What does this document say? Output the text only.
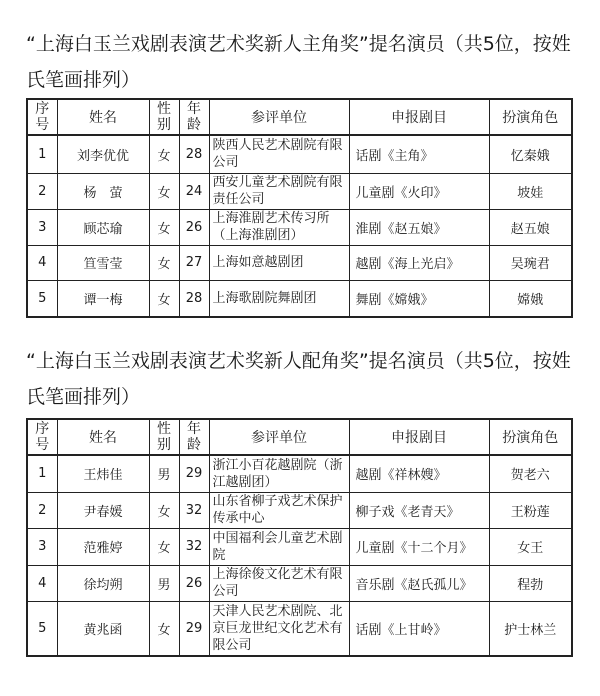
“上海白玉兰戏剧表演艺术奖新人主角奖”提名演员（共5位，按姓氏笔画排列）
序号	姓名	性别	年龄	参评单位	申报剧目	扮演角色
1	刘李优优	女	28	陕西人民艺术剧院有限公司	话剧《主角》	忆秦娥
2	杨　萤	女	24	西安儿童艺术剧院有限责任公司	儿童剧《火印》	坡娃
3	顾芯瑜	女	26	上海淮剧艺术传习所（上海淮剧团）	淮剧《赵五娘》	赵五娘
4	笪雪莹	女	27	上海如意越剧团	越剧《海上光启》	吴琬君
5	谭一梅	女	28	上海歌剧院舞剧团	舞剧《嫦娥》	嫦娥
“上海白玉兰戏剧表演艺术奖新人配角奖”提名演员（共5位，按姓氏笔画排列）
序号	姓名	性别	年龄	参评单位	申报剧目	扮演角色
1	王炜佳	男	29	浙江小百花越剧院（浙江越剧团）	越剧《祥林嫂》	贺老六
2	尹春媛	女	32	山东省柳子戏艺术保护传承中心	柳子戏《老青天》	王粉莲
3	范雅婷	女	32	中国福利会儿童艺术剧院	儿童剧《十二个月》	女王
4	徐均朔	男	26	上海徐俊文化艺术有限公司	音乐剧《赵氏孤儿》	程勃
5	黄兆函	女	29	天津人民艺术剧院、北京巨龙世纪文化艺术有限公司	话剧《上甘岭》	护士林兰
